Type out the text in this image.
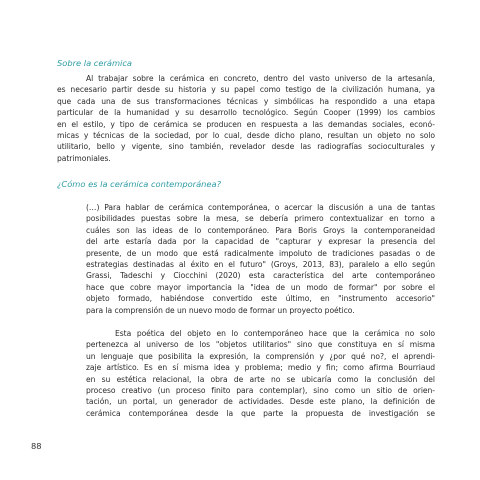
Sobre la cerámica
Al trabajar sobre la cerámica en concreto, dentro del vasto universo de la artesanía,
es necesario partir desde su historia y su papel como testigo de la civilización humana, ya
que cada una de sus transformaciones técnicas y simbólicas ha respondido a una etapa
particular de la humanidad y su desarrollo tecnológico. Según Cooper (1999) los cambios
en el estilo, y tipo de cerámica se producen en respuesta a las demandas sociales, econó-
micas y técnicas de la sociedad, por lo cual, desde dicho plano, resultan un objeto no solo
utilitario, bello y vigente, sino también, revelador desde las radiografías socioculturales y
patrimoniales.
¿Cómo es la cerámica contemporánea?
(…) Para hablar de cerámica contemporánea, o acercar la discusión a una de tantas
posibilidades puestas sobre la mesa, se debería primero contextualizar en torno a
cuáles son las ideas de lo contemporáneo. Para Boris Groys la contemporaneidad
del arte estaría dada por la capacidad de "capturar y expresar la presencia del
presente, de un modo que está radicalmente impoluto de tradiciones pasadas o de
estrategias destinadas al éxito en el futuro" (Groys, 2013, 83), paralelo a ello según
Grassi, Tadeschi y Ciocchini (2020) esta característica del arte contemporáneo
hace que cobre mayor importancia la "idea de un modo de formar" por sobre el
objeto formado, habiéndose convertido este último, en "instrumento accesorio"
para la comprensión de un nuevo modo de formar un proyecto poético.
Esta poética del objeto en lo contemporáneo hace que la cerámica no solo
pertenezca al universo de los "objetos utilitarios" sino que constituya en sí misma
un lenguaje que posibilita la expresión, la comprensión y ¿por qué no?, el aprendi-
zaje artístico. Es en sí misma idea y problema; medio y fin; como afirma Bourriaud
en su estética relacional, la obra de arte no se ubicaría como la conclusión del
proceso creativo (un proceso finito para contemplar), sino como un sitio de orien-
tación, un portal, un generador de actividades. Desde este plano, la definición de
cerámica contemporánea desde la que parte la propuesta de investigación se
88
